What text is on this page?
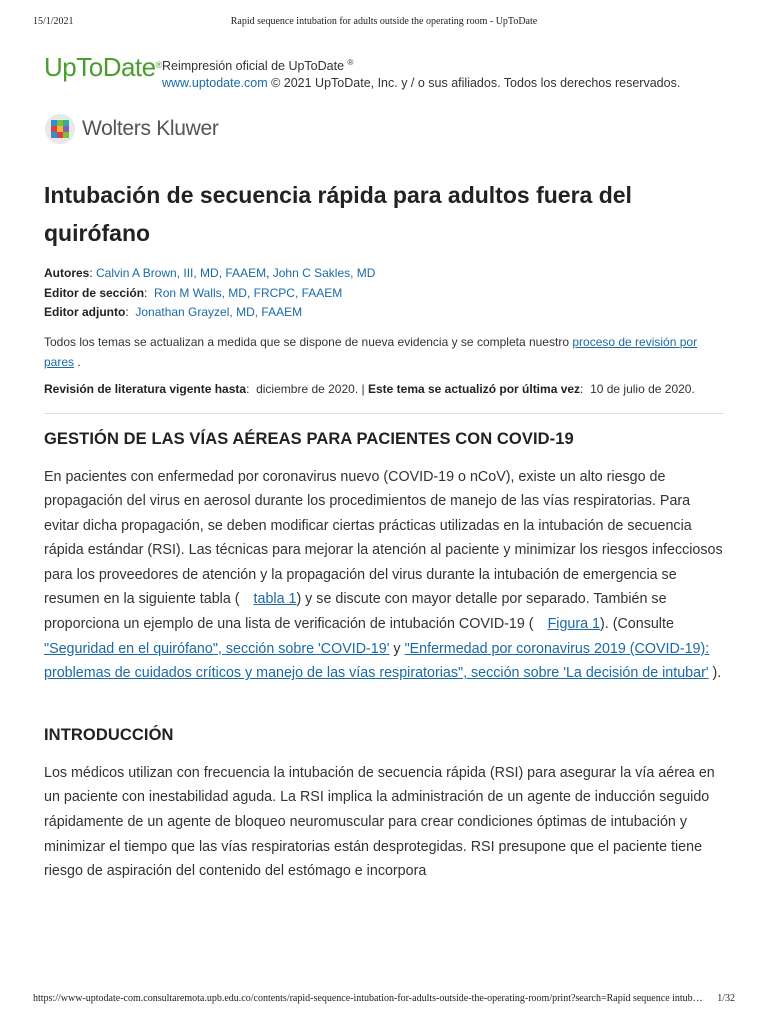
15/1/2021	Rapid sequence intubation for adults outside the operating room - UpToDate
UpToDate® Reimpresión oficial de UpToDate ®
www.uptodate.com © 2021 UpToDate, Inc. y / o sus afiliados. Todos los derechos reservados.
Wolters Kluwer
Intubación de secuencia rápida para adultos fuera del quirófano
Autores: Calvin A Brown, III, MD, FAAEM, John C Sakles, MD
Editor de sección:  Ron M Walls, MD, FRCPC, FAAEM
Editor adjunto:  Jonathan Grayzel, MD, FAAEM
Todos los temas se actualizan a medida que se dispone de nueva evidencia y se completa nuestro proceso de revisión por pares .
Revisión de literatura vigente hasta:  diciembre de 2020. | Este tema se actualizó por última vez:  10 de julio de 2020.
GESTIÓN DE LAS VÍAS AÉREAS PARA PACIENTES CON COVID-19
En pacientes con enfermedad por coronavirus nuevo (COVID-19 o nCoV), existe un alto riesgo de propagación del virus en aerosol durante los procedimientos de manejo de las vías respiratorias. Para evitar dicha propagación, se deben modificar ciertas prácticas utilizadas en la intubación de secuencia rápida estándar (RSI). Las técnicas para mejorar la atención al paciente y minimizar los riesgos infecciosos para los proveedores de atención y la propagación del virus durante la intubación de emergencia se resumen en la siguiente tabla ( tabla 1) y se discute con mayor detalle por separado. También se proporciona un ejemplo de una lista de verificación de intubación COVID-19 ( Figura 1). (Consulte "Seguridad en el quirófano", sección sobre 'COVID-19' y "Enfermedad por coronavirus 2019 (COVID-19): problemas de cuidados críticos y manejo de las vías respiratorias", sección sobre 'La decisión de intubar' ).
INTRODUCCIÓN
Los médicos utilizan con frecuencia la intubación de secuencia rápida (RSI) para asegurar la vía aérea en un paciente con inestabilidad aguda. La RSI implica la administración de un agente de inducción seguido rápidamente de un agente de bloqueo neuromuscular para crear condiciones óptimas de intubación y minimizar el tiempo que las vías respiratorias están desprotegidas. RSI presupone que el paciente tiene riesgo de aspiración del contenido del estómago e incorpora
https://www-uptodate-com.consultaremota.upb.edu.co/contents/rapid-sequence-intubation-for-adults-outside-the-operating-room/print?search=Rapid sequence intub… 1/32
